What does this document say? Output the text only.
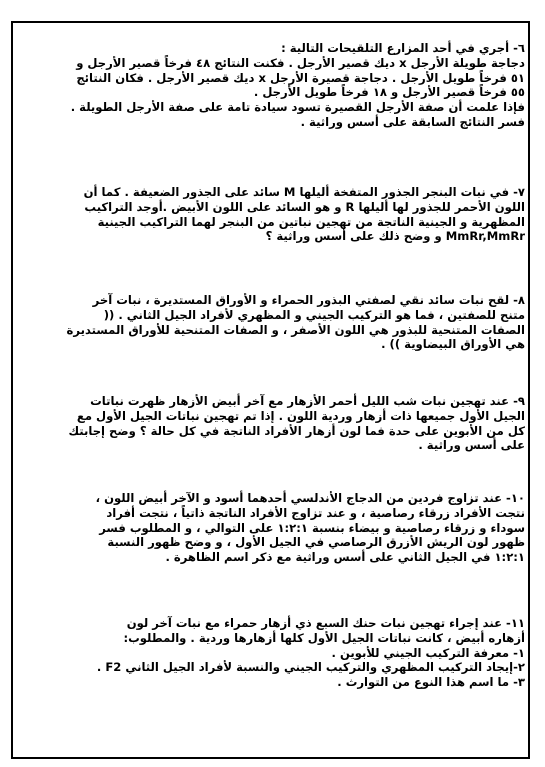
٦- أجري في أحد المزارع التلقيحات التالية :
دجاجة طويلة الأرجل x ديك قصير الأرجل . فكنت النتائج ٤٨ فرخاً قصير الأرجل و
٥١ فرخاً طويل الأرجل . دجاجة قصيرة الأرجل x ديك قصير الأرجل . فكان النتائج
٥٥ فرخاً قصير الأرجل و ١٨ فرخاً طويل الأرجل .
فإذا علمت أن صفة الأرجل القصيرة تسود سيادة تامة على صفة الأرجل الطويلة .
فسر النتائج السابقة على أسس وراثية .
٧- في نبات البنجر الجذور المتفخة أليلها M سائد على الجذور الضعيفة . كما أن
اللون الأحمر للجذور لها أليلها R و هو السائد على اللون الأبيض .أوجد التراكيب
المظهرية و الجينية الناتجة من تهجين نباتين من البنجر لهما التراكيب الجينية
MmRr,MmRr و وضح ذلك على أسس وراثية ؟
٨- لقح نبات سائد نقي لصفتي البذور الحمراء و الأوراق المستديرة ، نبات آخر
متنح للصفتين ، فما هو التركيب الجيني و المظهري لأفراد الجيل الثاني . ((
الصفات المتنحية للبذور هي اللون الأصفر ، و الصفات المتنحية للأوراق المستديرة
هي الأوراق البيضاوية )) .
٩- عند تهجين نبات شب الليل أحمر الأزهار مع آخر أبيض الأزهار ظهرت نباتات
الجيل الأول جميعها ذات أزهار وردية اللون . إذا تم تهجين نباتات الجيل الأول مع
كل من الأبوين على حدة فما لون أزهار الأفراد الناتجة في كل حالة ؟ وضح إجابتك
على أسس وراثية .
١٠- عند تزاوج فردين من الدجاج الأندلسي أحدهما أسود و الآخر أبيض اللون ،
نتجت الأفراد زرقاء رصاصية ، و عند تزاوج الأفراد الناتجة ذاتياً ، نتجت أفراد
سوداء و زرقاء رصاصية و بيضاء بنسبة ١:٢:١ على التوالي ، و المطلوب فسر
ظهور لون الريش الأزرق الرصاصي في الجيل الأول ، و وضح ظهور النسبة
١:٢:١ في الجيل الثاني على أسس وراثية مع ذكر اسم الظاهرة .
١١- عند إجراء تهجين نبات حنك السبع ذي أزهار حمراء مع نبات آخر لون
أزهاره أبيض ، كانت نباتات الجيل الأول كلها أزهارها وردية . والمطلوب:
١- معرفة التركيب الجيني للأبوين .
٢-إيجاد التركيب المظهري والتركيب الجيني والنسبة لأفراد الجيل الثاني F2 .
٣- ما اسم هذا النوع من التوارث .
